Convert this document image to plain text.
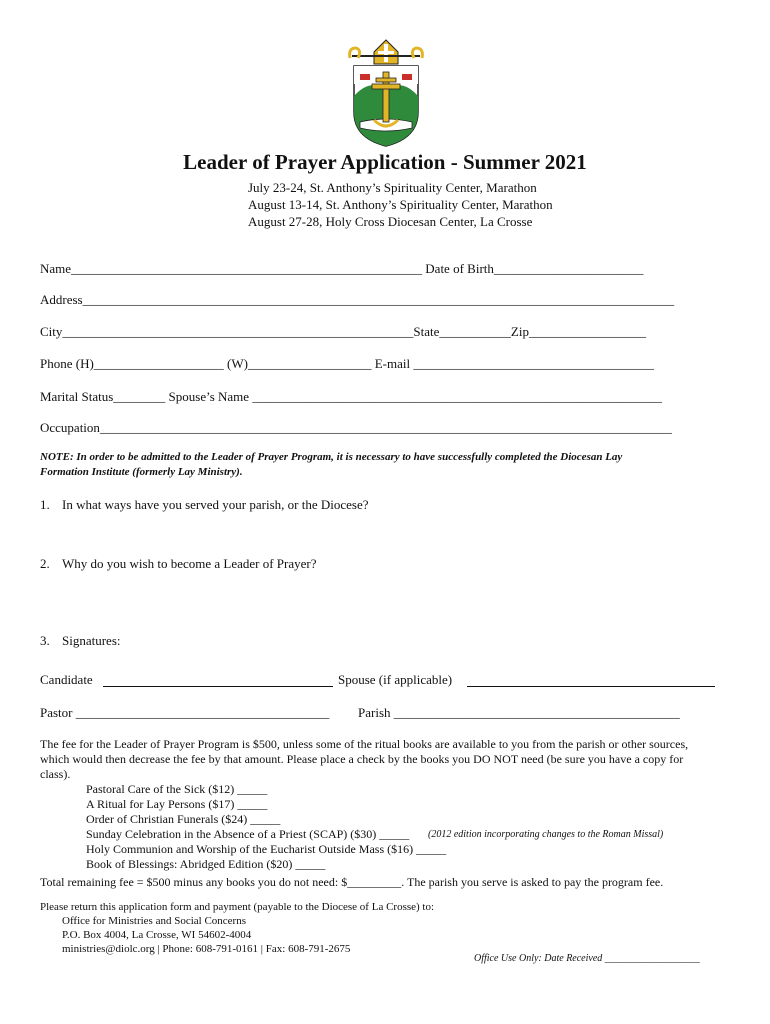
Leader of Prayer Application - Summer 2021
July 23-24, St. Anthony’s Spirituality Center, Marathon
August 13-14, St. Anthony’s Spirituality Center, Marathon
August 27-28, Holy Cross Diocesan Center, La Crosse
Name______________________________________________________ Date of Birth_______________________
Address___________________________________________________________________________________________
City______________________________________________________State___________Zip__________________
Phone (H)____________________ (W)___________________ E-mail _____________________________________
Marital Status________ Spouse’s Name _______________________________________________________________
Occupation________________________________________________________________________________________
NOTE: In order to be admitted to the Leader of Prayer Program, it is necessary to have successfully completed the Diocesan Lay
Formation Institute (formerly Lay Ministry).
1. In what ways have you served your parish, or the Diocese?
2. Why do you wish to become a Leader of Prayer?
3. Signatures:
Candidate	Spouse (if applicable)
Pastor _______________________________________ Parish ____________________________________________
The fee for the Leader of Prayer Program is $500, unless some of the ritual books are available to you from the parish or other sources,
which would then decrease the fee by that amount. Please place a check by the books you DO NOT need (be sure you have a copy for
class).
Pastoral Care of the Sick ($12) _____
A Ritual for Lay Persons ($17) _____
Order of Christian Funerals ($24) _____
Sunday Celebration in the Absence of a Priest (SCAP) ($30) _____ (2012 edition incorporating changes to the Roman Missal)
Holy Communion and Worship of the Eucharist Outside Mass ($16) _____
Book of Blessings: Abridged Edition ($20) _____
Total remaining fee = $500 minus any books you do not need: $_________. The parish you serve is asked to pay the program fee.
Please return this application form and payment (payable to the Diocese of La Crosse) to:
Office for Ministries and Social Concerns
P.O. Box 4004, La Crosse, WI 54602-4004
ministries@diolc.org | Phone: 608-791-0161 | Fax: 608-791-2675
Office Use Only: Date Received ___________________
